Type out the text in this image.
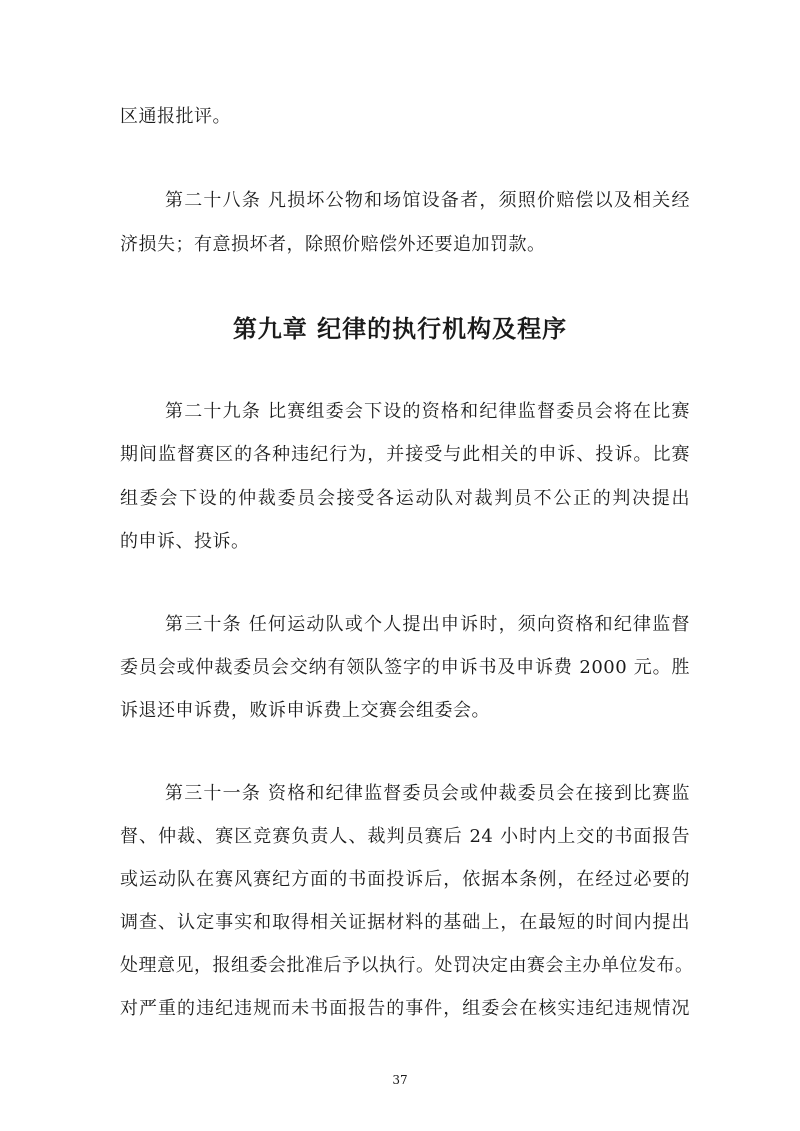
区通报批评。
第二十八条 凡损坏公物和场馆设备者，须照价赔偿以及相关经
济损失；有意损坏者，除照价赔偿外还要追加罚款。
第九章 纪律的执行机构及程序
第二十九条 比赛组委会下设的资格和纪律监督委员会将在比赛
期间监督赛区的各种违纪行为，并接受与此相关的申诉、投诉。比赛
组委会下设的仲裁委员会接受各运动队对裁判员不公正的判决提出
的申诉、投诉。
第三十条 任何运动队或个人提出申诉时，须向资格和纪律监督
委员会或仲裁委员会交纳有领队签字的申诉书及申诉费 2000 元。胜
诉退还申诉费，败诉申诉费上交赛会组委会。
第三十一条 资格和纪律监督委员会或仲裁委员会在接到比赛监
督、仲裁、赛区竞赛负责人、裁判员赛后 24 小时内上交的书面报告
或运动队在赛风赛纪方面的书面投诉后，依据本条例，在经过必要的
调查、认定事实和取得相关证据材料的基础上，在最短的时间内提出
处理意见，报组委会批准后予以执行。处罚决定由赛会主办单位发布。
对严重的违纪违规而未书面报告的事件，组委会在核实违纪违规情况
37
